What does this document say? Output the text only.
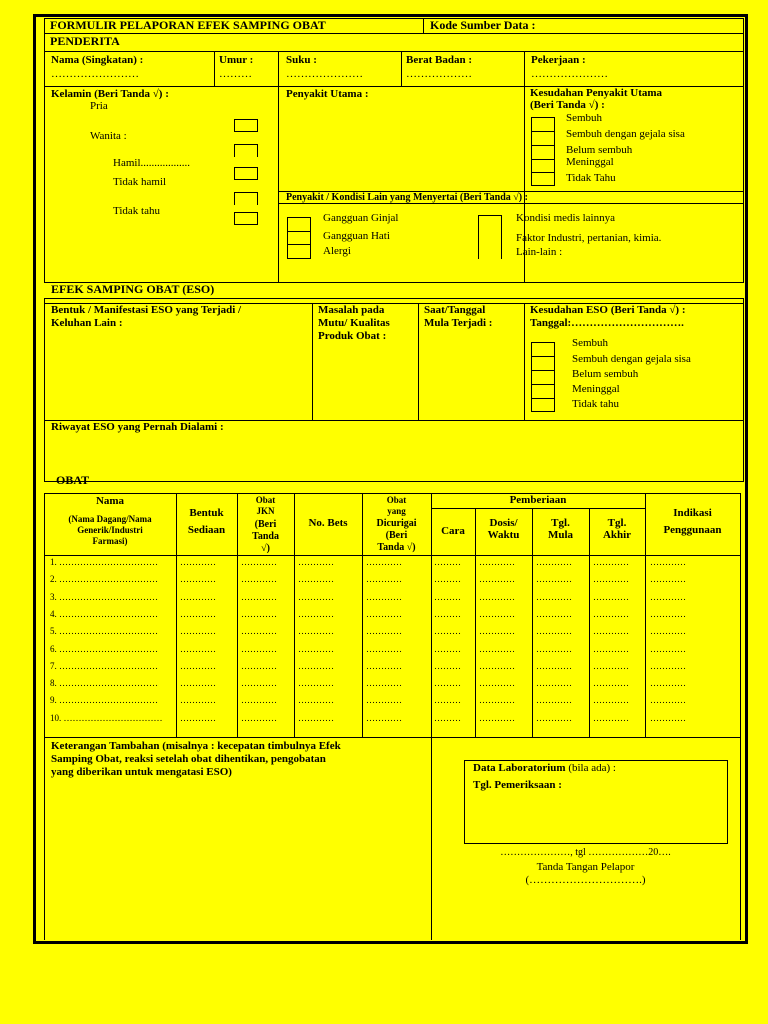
FORMULIR PELAPORAN EFEK SAMPING OBAT	Kode Sumber Data :
PENDERITA
Nama (Singkatan) :
……………………
Umur :
………
Suku :
…………………
Berat Badan :
………………
Pekerjaan :
…………………
Kelamin (Beri Tanda √) :
Pria
Wanita :
Hamil..................
Tidak hamil
Tidak tahu
Penyakit Utama :	Kesudahan Penyakit Utama
(Beri Tanda √) :
Sembuh
Sembuh dengan gejala sisa
Belum sembuh
Meninggal
Tidak Tahu
Penyakit / Kondisi Lain yang Menyertai (Beri Tanda √) :
Gangguan Ginjal
Gangguan Hati
Alergi
Kondisi medis lainnya
Faktor Industri, pertanian, kimia.
Lain-lain :
EFEK SAMPING OBAT (ESO)
Bentuk / Manifestasi ESO yang Terjadi /
Keluhan Lain :
Masalah pada
Mutu/ Kualitas
Produk Obat :
Saat/Tanggal
Mula Terjadi :
Kesudahan ESO (Beri Tanda √) :
Tanggal:………………………….
Sembuh
Sembuh dengan gejala sisa
Belum sembuh
Meninggal
Tidak tahu
Riwayat ESO yang Pernah Dialami :
OBAT
Nama
(Nama Dagang/Nama
Generik/Industri
Farmasi)
Bentuk
Sediaan
Obat
JKN
(Beri
Tanda
√)
No. Bets
Obat
yang
Dicurigai
(Beri
Tanda √)
Pemberiaan
Cara
Dosis/
Waktu
Tgl.
Mula
Tgl.
Akhir
Indikasi
Penggunaan
1. …………………………… …………	………… …………	…………	……… ………… ………… ………… …………
2. …………………………… …………	………… …………	…………	……… ………… ………… ………… …………
3. …………………………… …………	………… …………	…………	……… ………… ………… ………… …………
4. …………………………… …………	………… …………	…………	……… ………… ………… ………… …………
5. …………………………… …………	………… …………	…………	……… ………… ………… ………… …………
6. …………………………… …………	………… …………	…………	……… ………… ………… ………… …………
7. …………………………… …………	………… …………	…………	……… ………… ………… ………… …………
8. …………………………… …………	………… …………	…………	……… ………… ………… ………… …………
9. …………………………… …………	………… …………	…………	……… ………… ………… ………… …………
10. …………………………… …………	………… …………	…………	……… ………… ………… ………… …………
Keterangan Tambahan (misalnya : kecepatan timbulnya Efek
Samping Obat, reaksi setelah obat dihentikan, pengobatan
yang diberikan untuk mengatasi ESO)	Data Laboratorium (bila ada) :
Tgl. Pemeriksaan :
…………………, tgl ………………20….
Tanda Tangan Pelapor
(………………………….)
